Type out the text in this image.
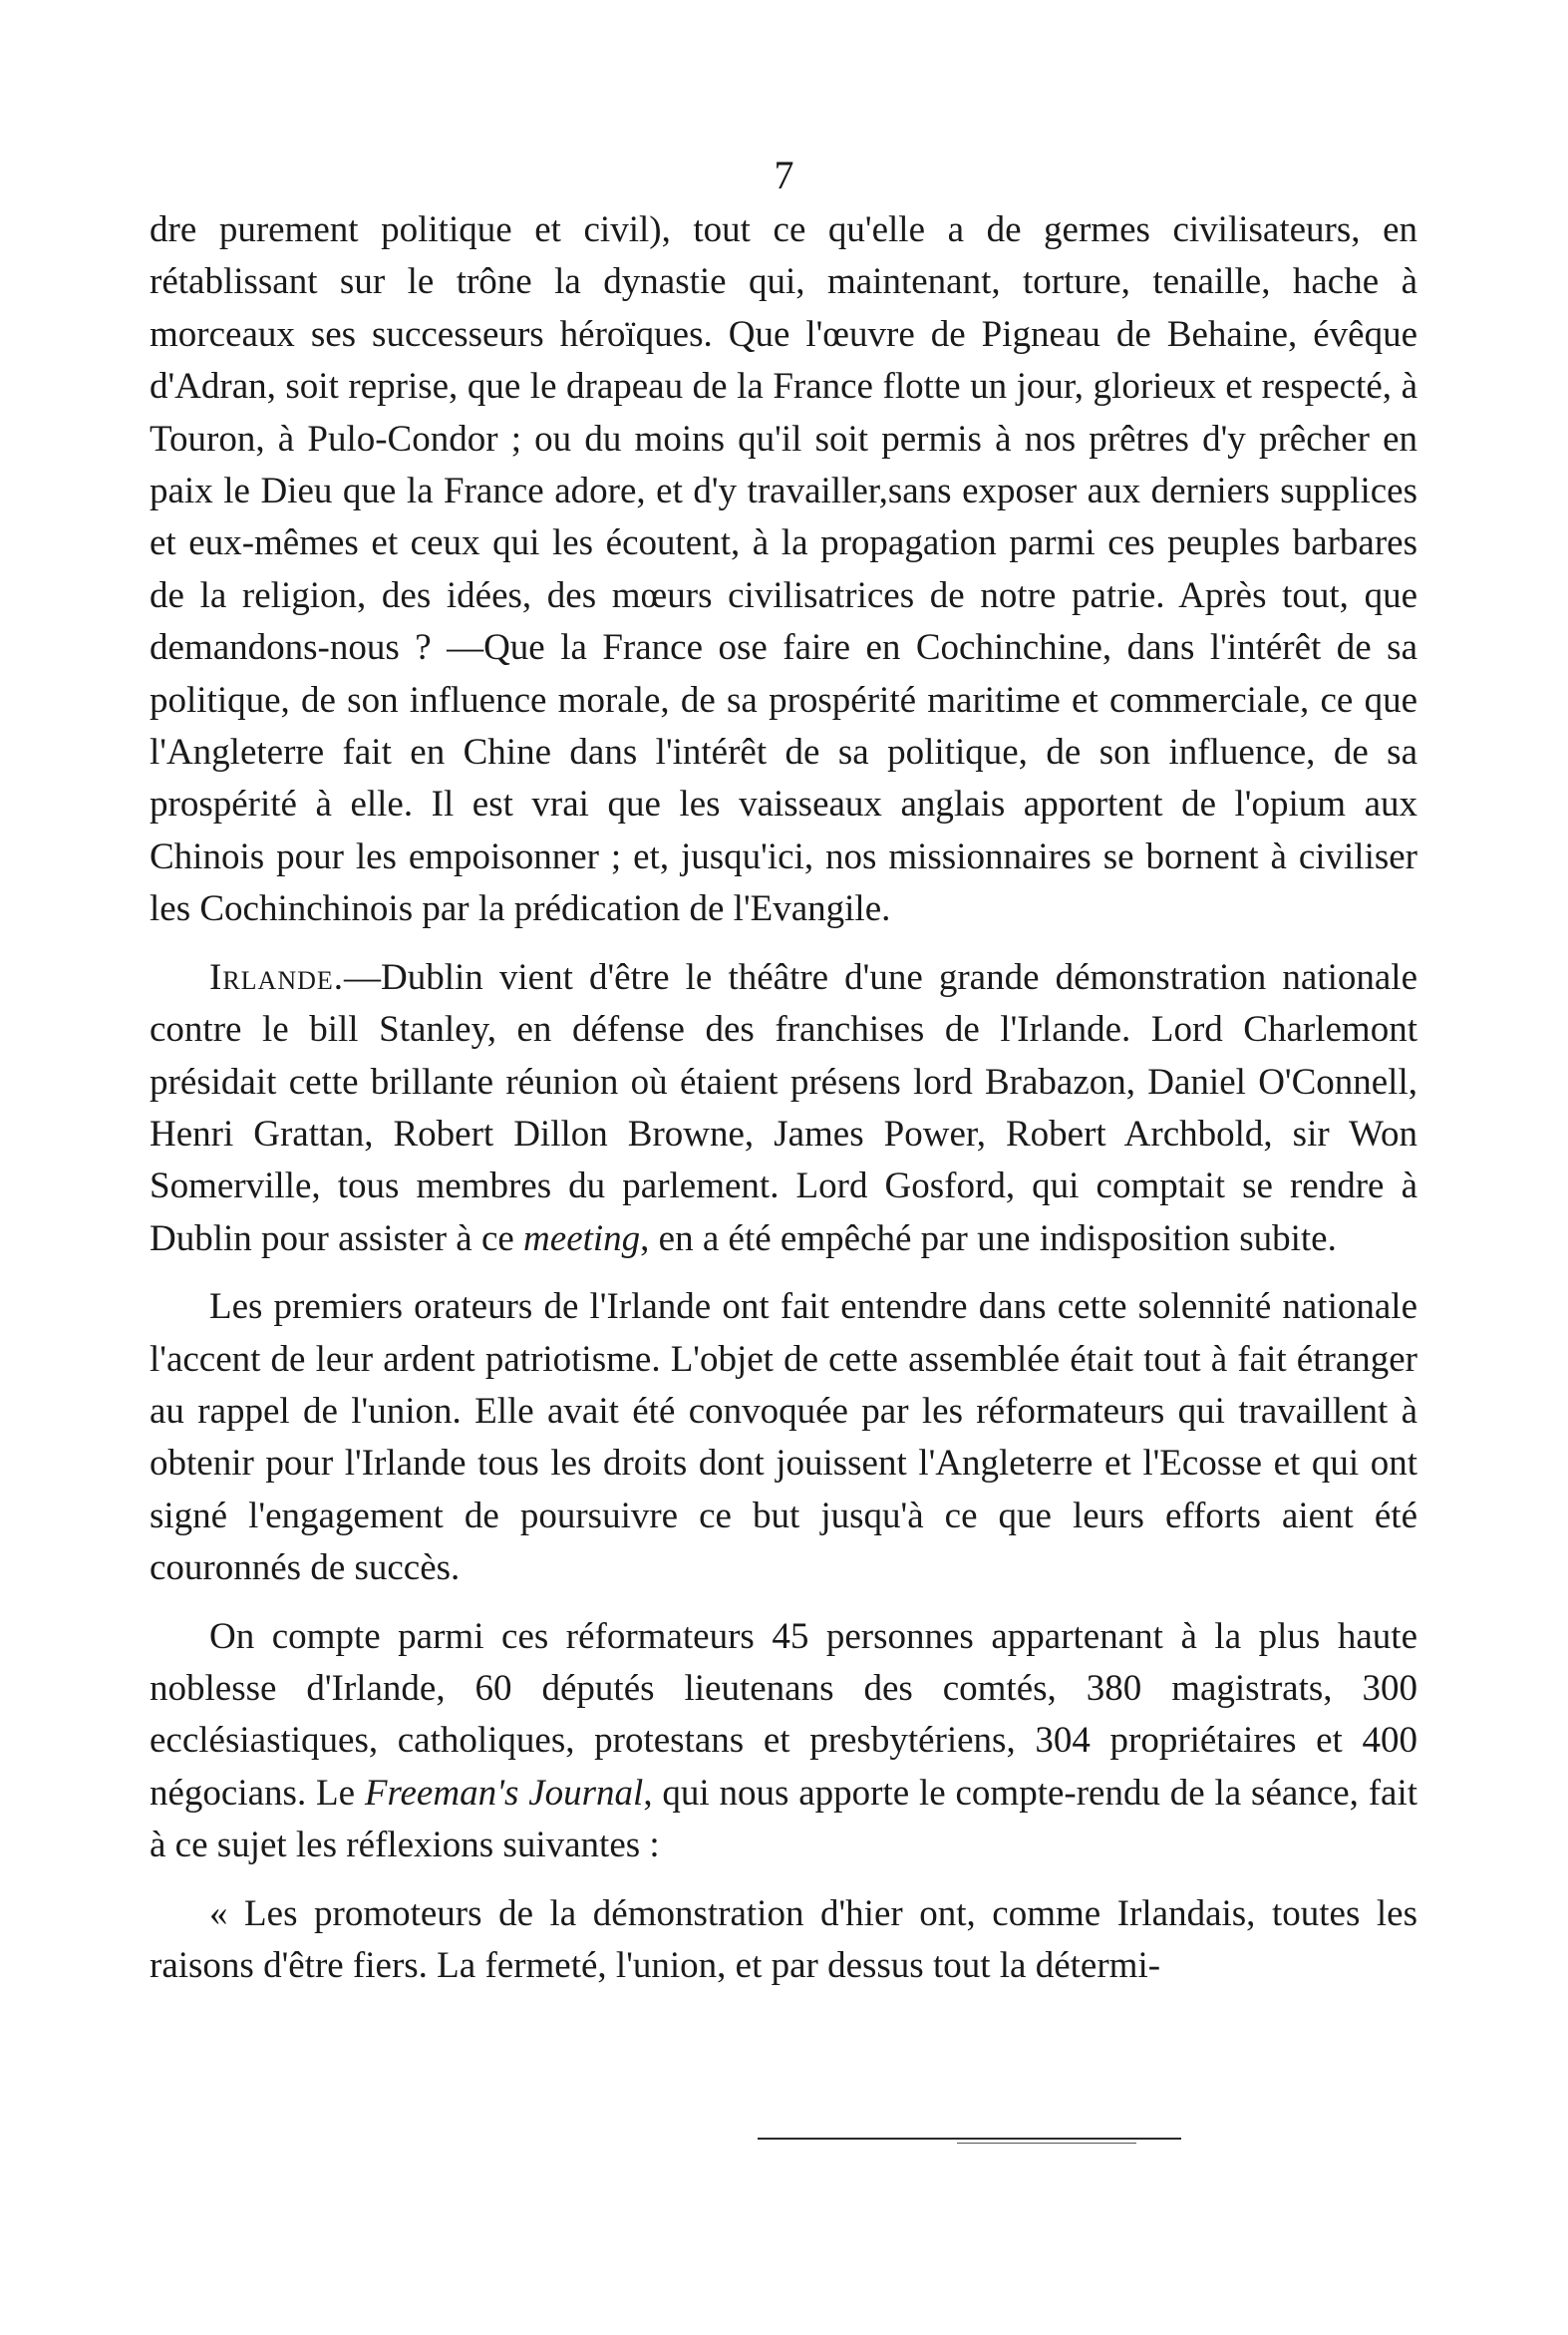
7

dre purement politique et civil), tout ce qu'elle a de germes civilisateurs, en rétablissant sur le trône la dynastie qui, maintenant, torture, tenaille, hache à morceaux ses successeurs héroïques. Que l'œuvre de Pigneau de Behaine, évêque d'Adran, soit reprise, que le drapeau de la France flotte un jour, glorieux et respecté, à Touron, à Pulo-Condor ; ou du moins qu'il soit permis à nos prêtres d'y prêcher en paix le Dieu que la France adore, et d'y travailler,sans exposer aux derniers supplices et eux-mêmes et ceux qui les écoutent, à la propagation parmi ces peuples barbares de la religion, des idées, des mœurs civilisatrices de notre patrie. Après tout, que demandons-nous ? —Que la France ose faire en Cochinchine, dans l'intérêt de sa politique, de son influence morale, de sa prospérité maritime et commerciale, ce que l'Angleterre fait en Chine dans l'intérêt de sa politique, de son influence, de sa prospérité à elle. Il est vrai que les vaisseaux anglais apportent de l'opium aux Chinois pour les empoisonner ; et, jusqu'ici, nos missionnaires se bornent à civiliser les Cochinchinois par la prédication de l'Evangile.

Irlande.—Dublin vient d'être le théâtre d'une grande démonstration nationale contre le bill Stanley, en défense des franchises de l'Irlande. Lord Charlemont présidait cette brillante réunion où étaient présens lord Brabazon, Daniel O'Connell, Henri Grattan, Robert Dillon Browne, James Power, Robert Archbold, sir Won Somerville, tous membres du parlement. Lord Gosford, qui comptait se rendre à Dublin pour assister à ce meeting, en a été empêché par une indisposition subite.

Les premiers orateurs de l'Irlande ont fait entendre dans cette solennité nationale l'accent de leur ardent patriotisme. L'objet de cette assemblée était tout à fait étranger au rappel de l'union. Elle avait été convoquée par les réformateurs qui travaillent à obtenir pour l'Irlande tous les droits dont jouissent l'Angleterre et l'Ecosse et qui ont signé l'engagement de poursuivre ce but jusqu'à ce que leurs efforts aient été couronnés de succès.

On compte parmi ces réformateurs 45 personnes appartenant à la plus haute noblesse d'Irlande, 60 députés lieutenans des comtés, 380 magistrats, 300 ecclésiastiques, catholiques, protestans et presbytériens, 304 propriétaires et 400 négocians. Le Freeman's Journal, qui nous apporte le compte-rendu de la séance, fait à ce sujet les réflexions suivantes :

« Les promoteurs de la démonstration d'hier ont, comme Irlandais, toutes les raisons d'être fiers. La fermeté, l'union, et par dessus tout la détermi-
